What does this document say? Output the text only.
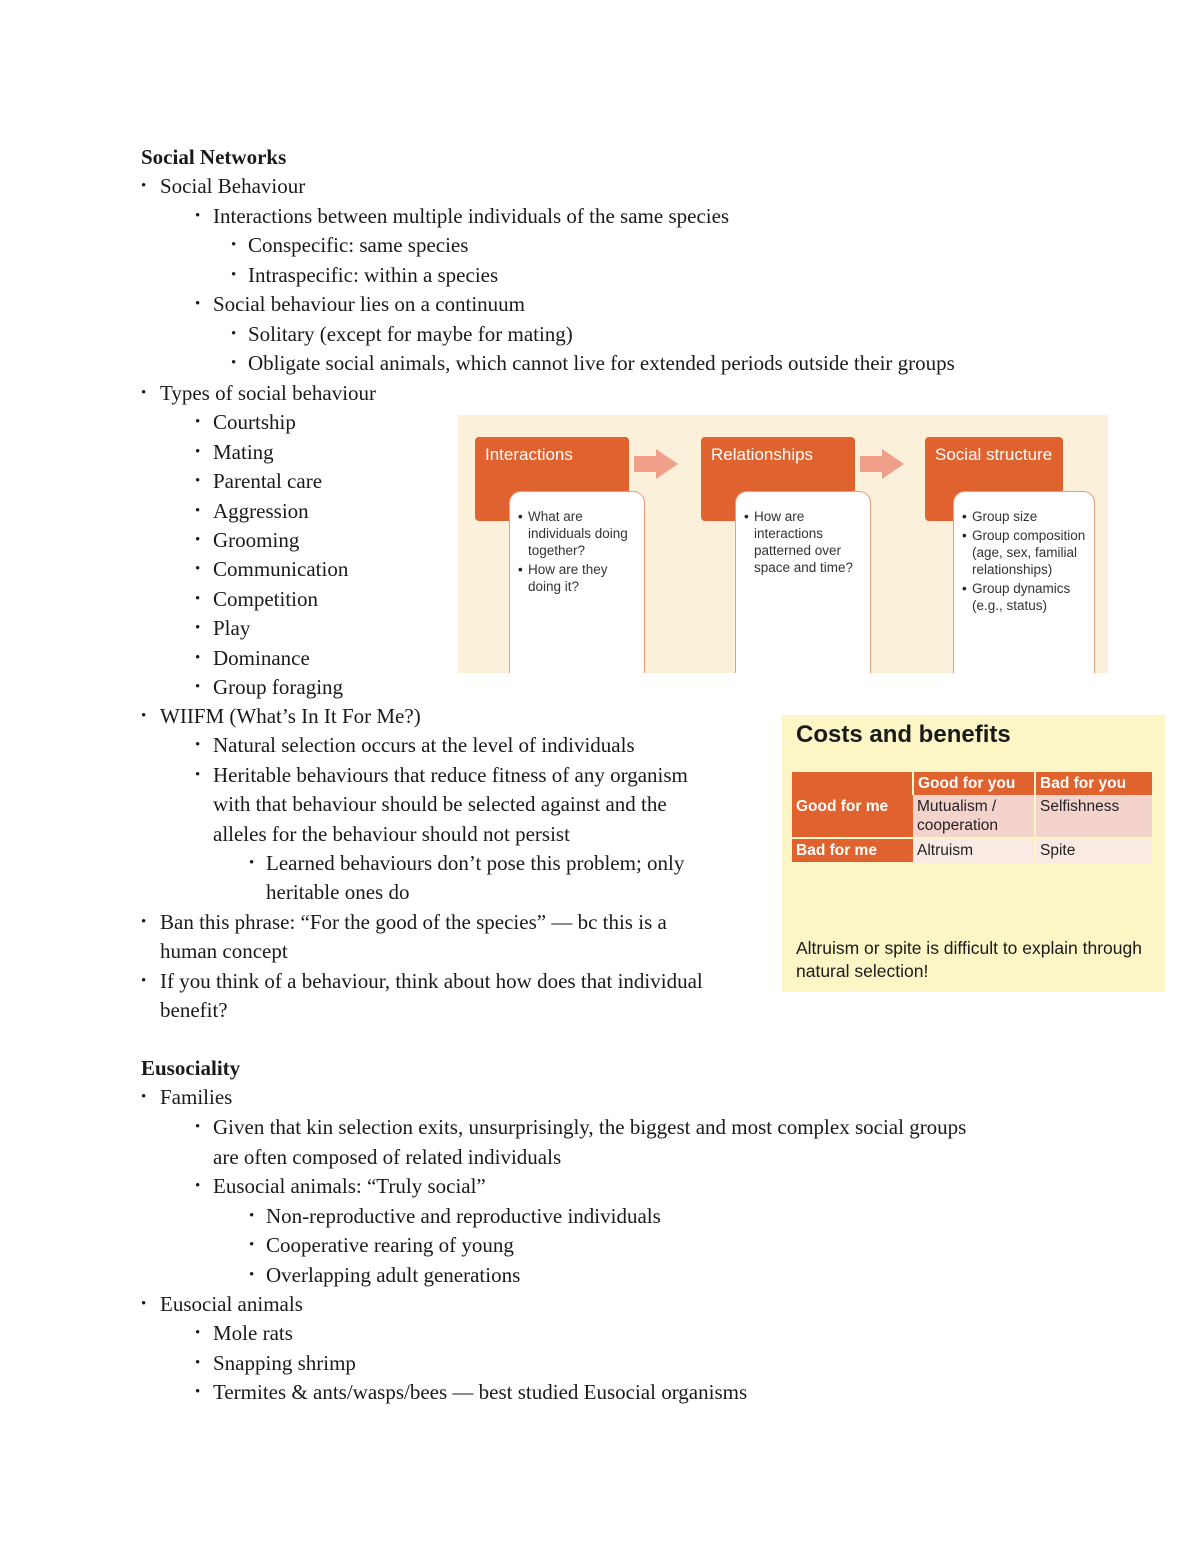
Social Networks
• Social Behaviour
• Interactions between multiple individuals of the same species
• Conspecific: same species
• Intraspecific: within a species
• Social behaviour lies on a continuum
• Solitary (except for maybe for mating)
• Obligate social animals, which cannot live for extended periods outside their groups
• Types of social behaviour
• Courtship
• Mating
• Parental care
• Aggression
• Grooming
• Communication
• Competition
• Play
• Dominance
• Group foraging
• WIIFM (What’s In It For Me?)
• Natural selection occurs at the level of individuals
• Heritable behaviours that reduce fitness of any organism
with that behaviour should be selected against and the
alleles for the behaviour should not persist
• Learned behaviours don’t pose this problem; only
heritable ones do
• Ban this phrase: “For the good of the species” — bc this is a
human concept
• If you think of a behaviour, think about how does that individual
benefit?
Eusociality
• Families
• Given that kin selection exits, unsurprisingly, the biggest and most complex social groups
are often composed of related individuals
• Eusocial animals: “Truly social”
• Non-reproductive and reproductive individuals
• Cooperative rearing of young
• Overlapping adult generations
• Eusocial animals
• Mole rats
• Snapping shrimp
• Termites & ants/wasps/bees — best studied Eusocial organisms
Interactions
• What are individuals doing together?
• How are they doing it?
Relationships
• How are interactions patterned over space and time?
Social structure
• Group size
• Group composition (age, sex, familial relationships)
• Group dynamics (e.g., status)
Costs and benefits
	Good for you	Bad for you
Good for me	Mutualism / cooperation	Selfishness
Bad for me	Altruism	Spite
Altruism or spite is difficult to explain through natural selection!
